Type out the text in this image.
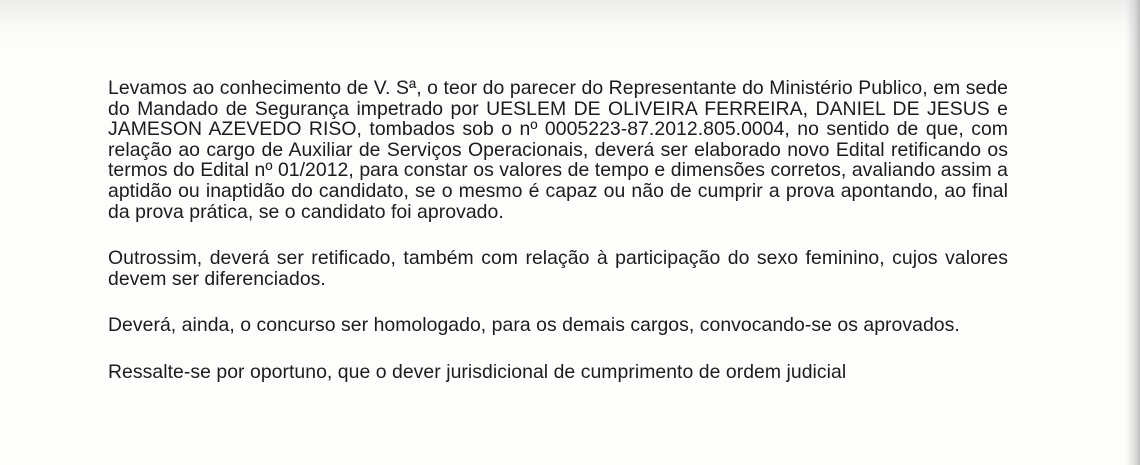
Levamos ao conhecimento de V. Sª, o teor do parecer do Representante do Ministério Publico, em sede do Mandado de Segurança impetrado por UESLEM DE OLIVEIRA FERREIRA, DANIEL DE JESUS e JAMESON AZEVEDO RISO, tombados sob o nº 0005223-87.2012.805.0004, no sentido de que, com relação ao cargo de Auxiliar de Serviços Operacionais, deverá ser elaborado novo Edital retificando os termos do Edital nº 01/2012, para constar os valores de tempo e dimensões corretos, avaliando assim a aptidão ou inaptidão do candidato, se o mesmo é capaz ou não de cumprir a prova apontando, ao final da prova prática, se o candidato foi aprovado.

Outrossim, deverá ser retificado, também com relação à participação do sexo feminino, cujos valores devem ser diferenciados.

Deverá, ainda, o concurso ser homologado, para os demais cargos, convocando-se os aprovados.

Ressalte-se por oportuno, que o dever jurisdicional de cumprimento de ordem judicial
